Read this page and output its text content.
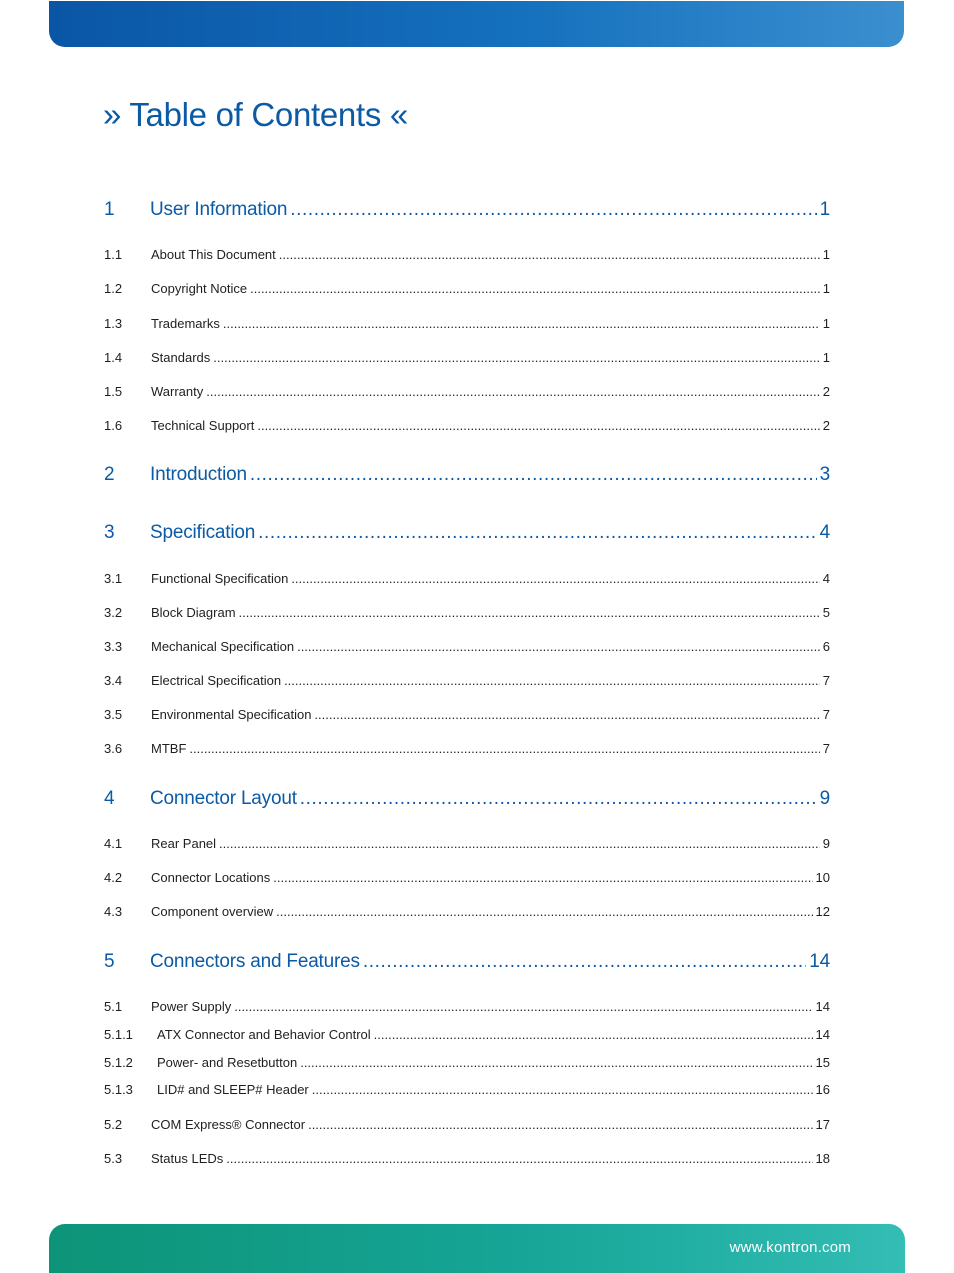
» Table of Contents «
1	User Information .....	1
1.1	About This Document .....	1
1.2	Copyright Notice .....	1
1.3	Trademarks .....	1
1.4	Standards .....	1
1.5	Warranty .....	2
1.6	Technical Support .....	2
2	Introduction .....	3
3	Specification .....	4
3.1	Functional Specification .....	4
3.2	Block Diagram .....	5
3.3	Mechanical Specification .....	6
3.4	Electrical Specification .....	7
3.5	Environmental Specification .....	7
3.6	MTBF .....	7
4	Connector Layout .....	9
4.1	Rear Panel .....	9
4.2	Connector Locations .....	10
4.3	Component overview .....	12
5	Connectors and Features .....	14
5.1	Power Supply .....	14
5.1.1	ATX Connector and Behavior Control .....	14
5.1.2	Power- and Resetbutton .....	15
5.1.3	LID# and SLEEP# Header .....	16
5.2	COM Express® Connector .....	17
5.3	Status LEDs .....	18
www.kontron.com
